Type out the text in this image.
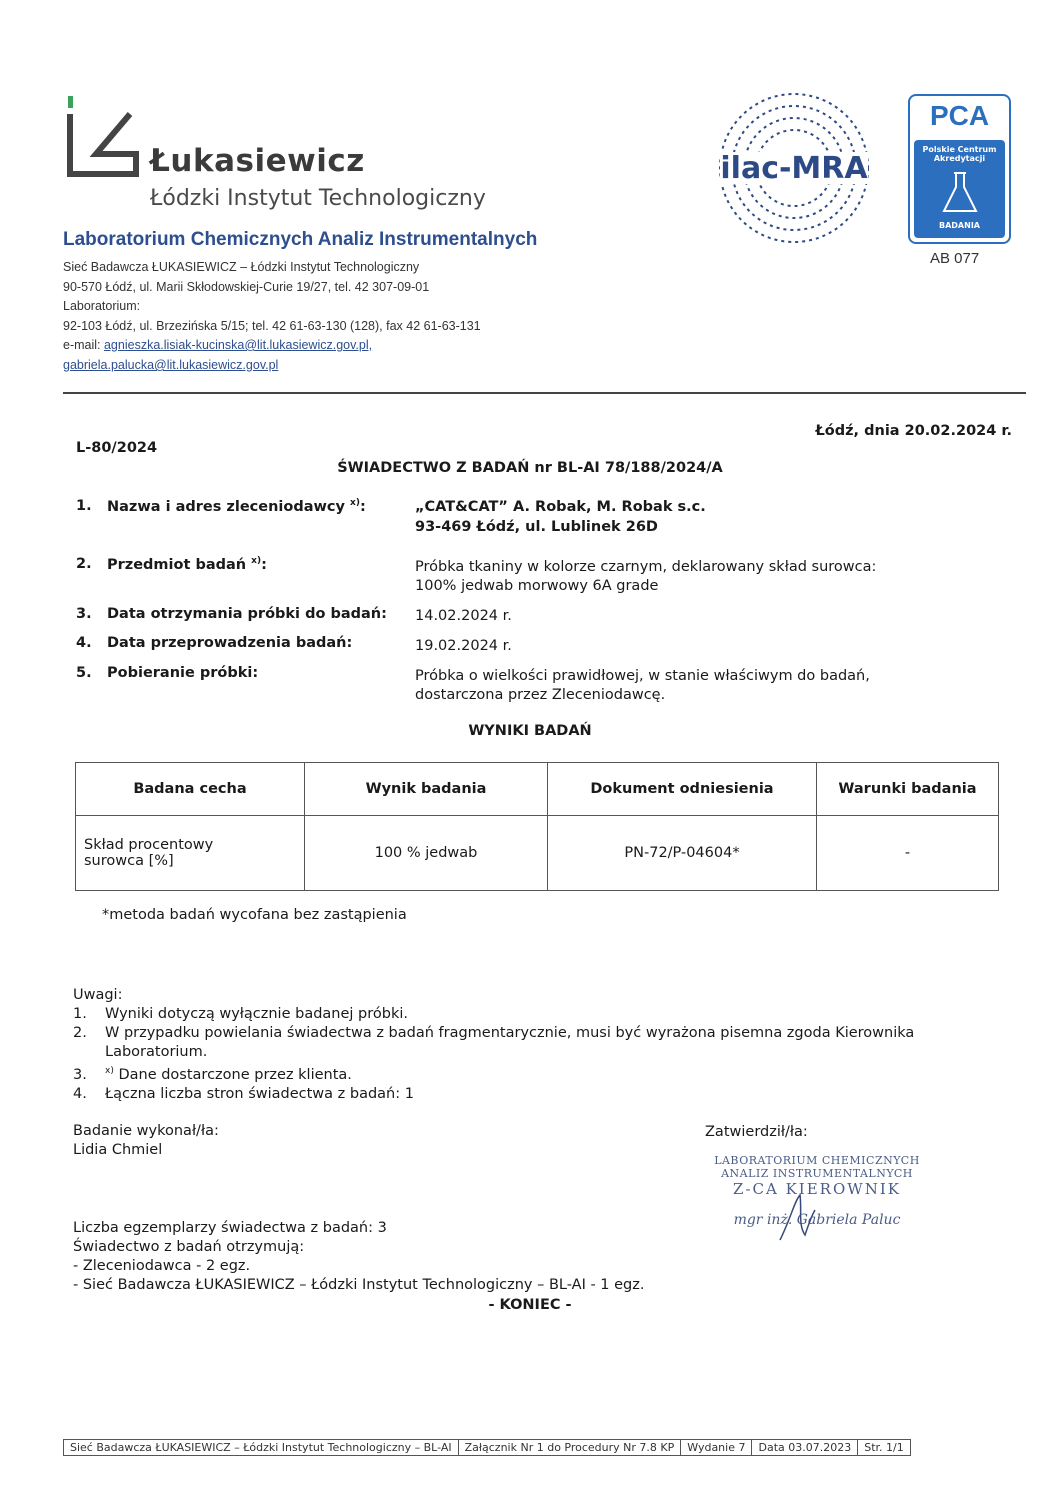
Łukasiewicz
Łódzki Instytut Technologiczny
ilac-MRA
PCA
Polskie Centrum
Akredytacji
BADANIA
AB 077
Laboratorium Chemicznych Analiz Instrumentalnych
Sieć Badawcza ŁUKASIEWICZ – Łódzki Instytut Technologiczny
90-570 Łódź, ul. Marii Skłodowskiej-Curie 19/27, tel. 42 307-09-01
Laboratorium:
92-103 Łódź, ul. Brzezińska 5/15; tel. 42 61-63-130 (128), fax 42 61-63-131
e-mail: agnieszka.lisiak-kucinska@lit.lukasiewicz.gov.pl,
gabriela.palucka@lit.lukasiewicz.gov.pl
Łódź, dnia 20.02.2024 r.
L-80/2024
ŚWIADECTWO Z BADAŃ nr BL-AI 78/188/2024/A
1. Nazwa i adres zleceniodawcy $^{x)}$:	„CAT&CAT” A. Robak, M. Robak s.c.
93-469 Łódź, ul. Lublinek 26D
2. Przedmiot badań $^{x)}$:	Próbka tkaniny w kolorze czarnym, deklarowany skład surowca:
100% jedwab morwowy 6A grade
3. Data otrzymania próbki do badań: 14.02.2024 r.
4. Data przeprowadzenia badań:	19.02.2024 r.
5. Pobieranie próbki:	Próbka o wielkości prawidłowej, w stanie właściwym do badań,
dostarczona przez Zleceniodawcę.
WYNIKI BADAŃ
Badana cecha	Wynik badania	Dokument odniesienia	Warunki badania
Skład procentowy
surowca [%]	100 % jedwab	PN-72/P-04604*	-
*metoda badań wycofana bez zastąpienia
Uwagi:
1. Wyniki dotyczą wyłącznie badanej próbki.
2. W przypadku powielania świadectwa z badań fragmentarycznie, musi być wyrażona pisemna zgoda Kierownika
Laboratorium.
3. $^{x)}$ Dane dostarczone przez klienta.
4. Łączna liczba stron świadectwa z badań: 1
Badanie wykonał/ła:
Lidia Chmiel
Zatwierdził/ła:
LABORATORIUM CHEMICZNYCH
ANALIZ INSTRUMENTALNYCH
Z-CA KIEROWNIK
mgr inż. Gabriela Paluc
Liczba egzemplarzy świadectwa z badań: 3
Świadectwo z badań otrzymują:
- Zleceniodawca - 2 egz.
- Sieć Badawcza ŁUKASIEWICZ – Łódzki Instytut Technologiczny – BL-AI - 1 egz.
- KONIEC -
Sieć Badawcza ŁUKASIEWICZ – Łódzki Instytut Technologiczny – BL-AI	Załącznik Nr 1 do Procedury Nr 7.8 KP	Wydanie 7	Data 03.07.2023	Str. 1/1
